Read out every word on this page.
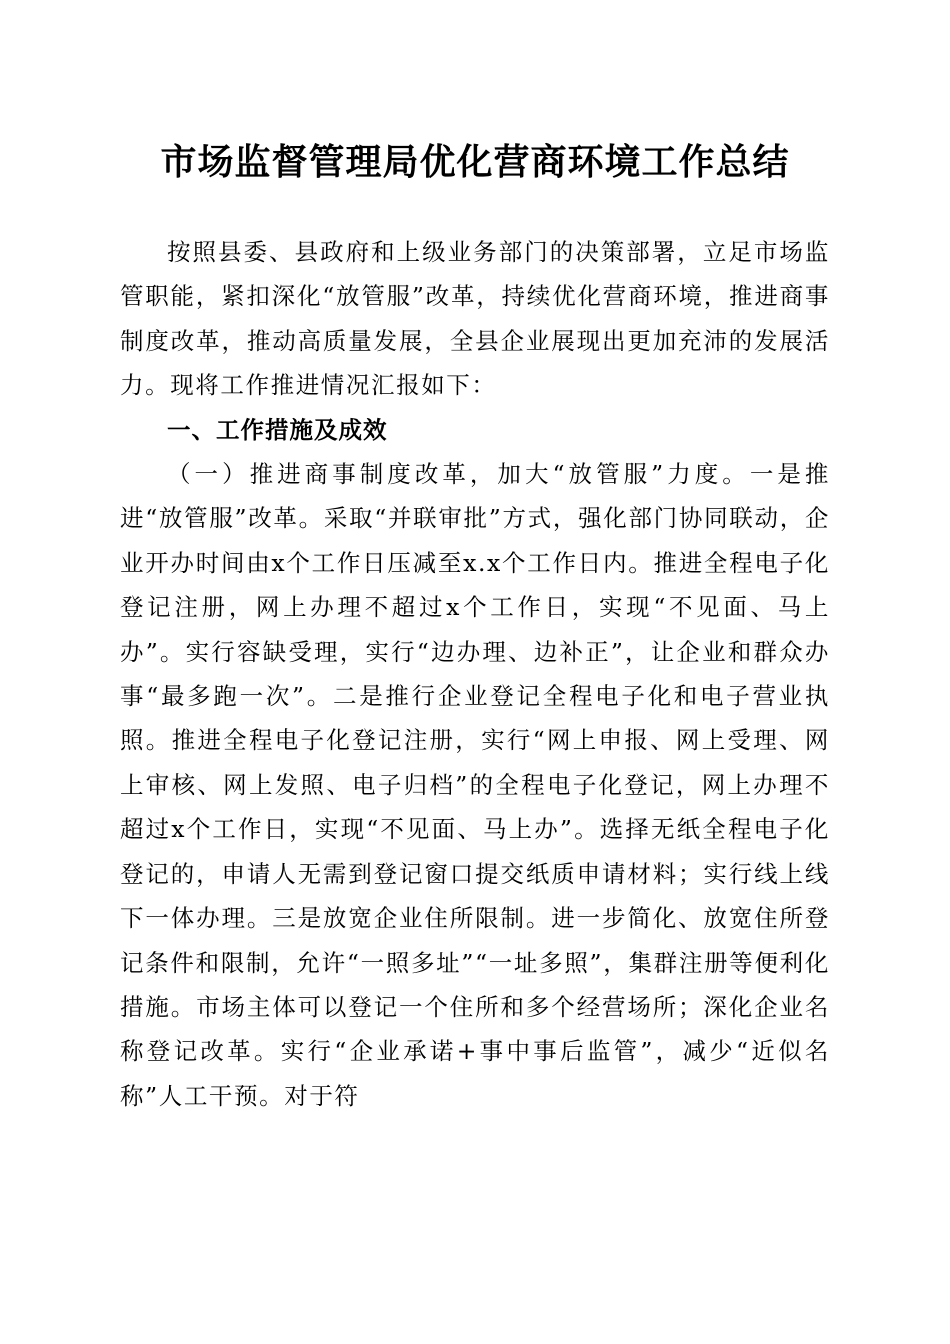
市场监督管理局优化营商环境工作总结

按照县委、县政府和上级业务部门的决策部署，立足市场监管职能，紧扣深化“放管服”改革，持续优化营商环境，推进商事制度改革，推动高质量发展，全县企业展现出更加充沛的发展活力。现将工作推进情况汇报如下：

一、工作措施及成效

（一）推进商事制度改革，加大“放管服”力度。一是推进“放管服”改革。采取“并联审批”方式，强化部门协同联动，企业开办时间由x个工作日压减至x.x个工作日内。推进全程电子化登记注册，网上办理不超过x个工作日，实现“不见面、马上办”。实行容缺受理，实行“边办理、边补正”，让企业和群众办事“最多跑一次”。二是推行企业登记全程电子化和电子营业执照。推进全程电子化登记注册，实行“网上申报、网上受理、网上审核、网上发照、电子归档”的全程电子化登记，网上办理不超过x个工作日，实现“不见面、马上办”。选择无纸全程电子化登记的，申请人无需到登记窗口提交纸质申请材料；实行线上线下一体办理。三是放宽企业住所限制。进一步简化、放宽住所登记条件和限制，允许“一照多址”“一址多照”，集群注册等便利化措施。市场主体可以登记一个住所和多个经营场所；深化企业名称登记改革。实行“企业承诺+事中事后监管”，减少“近似名称”人工干预。对于符
